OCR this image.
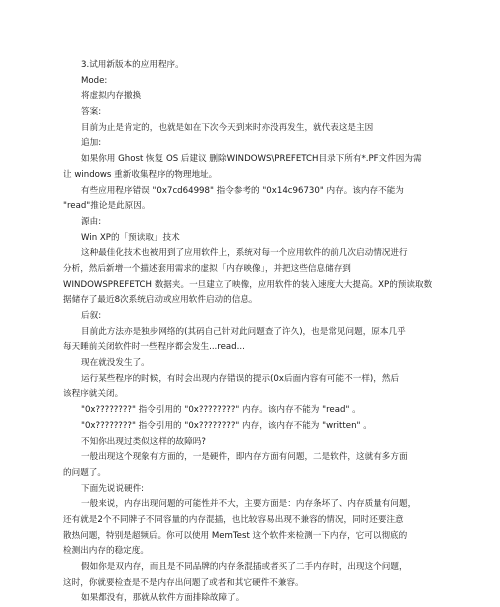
3.试用新版本的应用程序。
Mode:
将虚拟内存撤换
答案:
目前为止是肯定的，也就是如在下次今天到来时亦没再发生，就代表这是主因
追加:
如果你用 Ghost 恢复 OS 后建议 删除WINDOWS\PREFETCH目录下所有*.PF文件因为需
让 windows 重新收集程序的物理地址。
有些应用程序错误 "0x7cd64998" 指令参考的 "0x14c96730" 内存。该内存不能为
"read"推论是此原因。
源由:
Win XP的「预读取」技术
这种最佳化技术也被用到了应用软件上，系统对每一个应用软件的前几次启动情况进行
分析，然后新增一个描述套用需求的虚拟「内存映像」，并把这些信息储存到
WINDOWSPREFETCH 数据夹。一旦建立了映像，应用软件的装入速度大大提高。XP的预读取数
据储存了最近8次系统启动或应用软件启动的信息。
后叙:
目前此方法亦是独步网络的(其码自己针对此问题查了许久)，也是常见问题，原本几乎
每天睡前关闭软件时一些程序都会发生...read...
现在就没发生了。
运行某些程序的时候，有时会出现内存错误的提示(0x后面内容有可能不一样)，然后
该程序就关闭。
"0x????????" 指令引用的 "0x????????" 内存。该内存不能为 "read" 。
"0x????????" 指令引用的 "0x????????" 内存，该内存不能为 "written" 。
不知你出现过类似这样的故障吗?
一般出现这个现象有方面的，一是硬件，即内存方面有问题，二是软件，这就有多方面
的问题了。
下面先说说硬件:
一般来说，内存出现问题的可能性并不大，主要方面是：内存条坏了、内存质量有问题，
还有就是2个不同牌子不同容量的内存混插，也比较容易出现不兼容的情况，同时还要注意
散热问题，特别是超频后。你可以使用 MemTest 这个软件来检测一下内存，它可以彻底的
检测出内存的稳定度。
假如你是双内存，而且是不同品牌的内存条混插或者买了二手内存时，出现这个问题，
这时，你就要检查是不是内存出问题了或者和其它硬件不兼容。
如果都没有，那就从软件方面排除故障了。
